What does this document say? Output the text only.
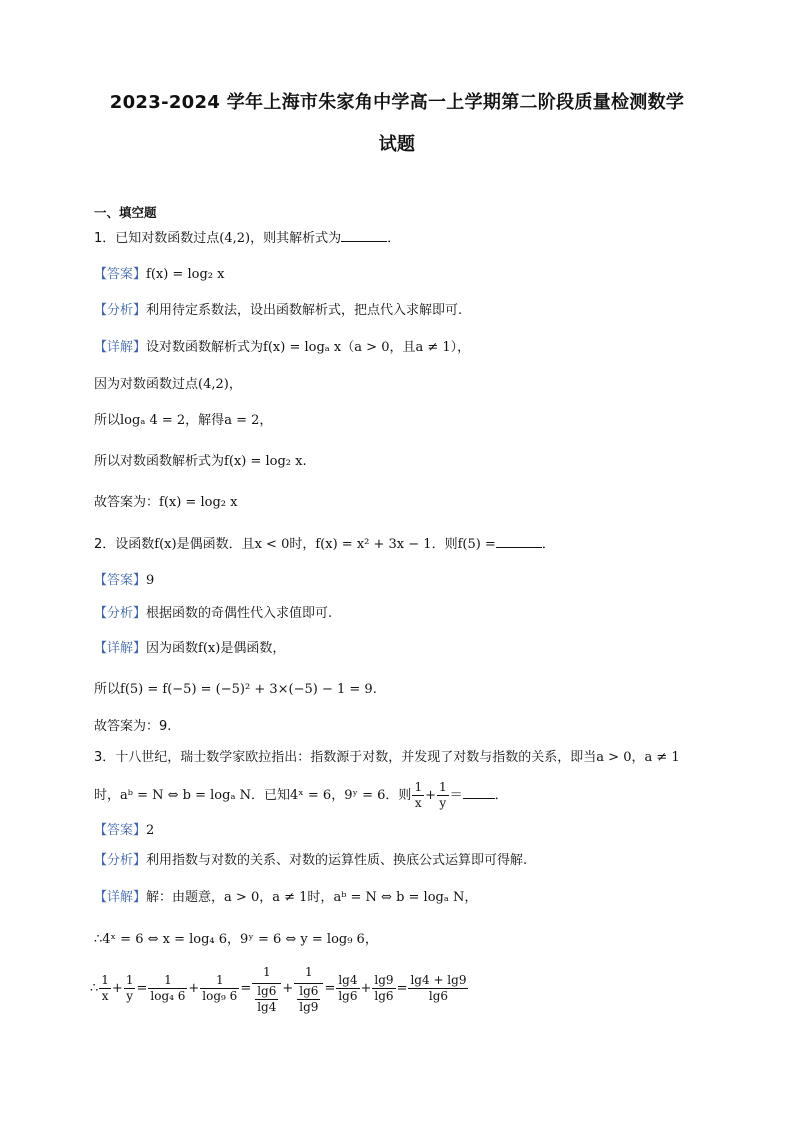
2023-2024 学年上海市朱家角中学高一上学期第二阶段质量检测数学
试题
一、填空题
1．已知对数函数过点(4,2)，则其解析式为	．
【答案】f(x) = log₂ x
【分析】利用待定系数法，设出函数解析式，把点代入求解即可.
【详解】设对数函数解析式为f(x) = logₐ x（a > 0，且a ≠ 1），
因为对数函数过点(4,2)，
所以logₐ 4 = 2，解得a = 2，
所以对数函数解析式为f(x) = log₂ x.
故答案为：f(x) = log₂ x
2．设函数f(x)是偶函数．且x < 0时，f(x) = x² + 3x − 1．则f(5) =	．
【答案】9
【分析】根据函数的奇偶性代入求值即可.
【详解】因为函数f(x)是偶函数，
所以f(5) = f(−5) = (−5)² + 3×(−5) − 1 = 9.
故答案为：9.
3．十八世纪，瑞士数学家欧拉指出：指数源于对数，并发现了对数与指数的关系，即当a > 0，a ≠ 1
时，aᵇ = N ⇔ b = logₐ N．已知4ˣ = 6，9ʸ = 6．则 $\frac{1}{x} + \frac{1}{y}$ ＝ ．
【答案】2
【分析】利用指数与对数的关系、对数的运算性质、换底公式运算即可得解.
【详解】解：由题意，a > 0，a ≠ 1时，aᵇ = N ⇔ b = logₐ N，
∴4ˣ = 6 ⇔ x = log₄ 6，9ʸ = 6 ⇔ y = log₉ 6，
∴ $\frac{1}{x} + \frac{1}{y} = \frac{1}{\text{log₄ 6}} + \frac{1}{\text{log₉ 6}} = \frac{1}{\frac{\lg 6}{\lg 4}} + \frac{1}{\frac{\lg 6}{\lg 9}} = \frac{\lg 4}{\lg 6} + \frac{\lg 9}{\lg 6} = \frac{\lg 4 + \lg 9}{\lg 6}$
